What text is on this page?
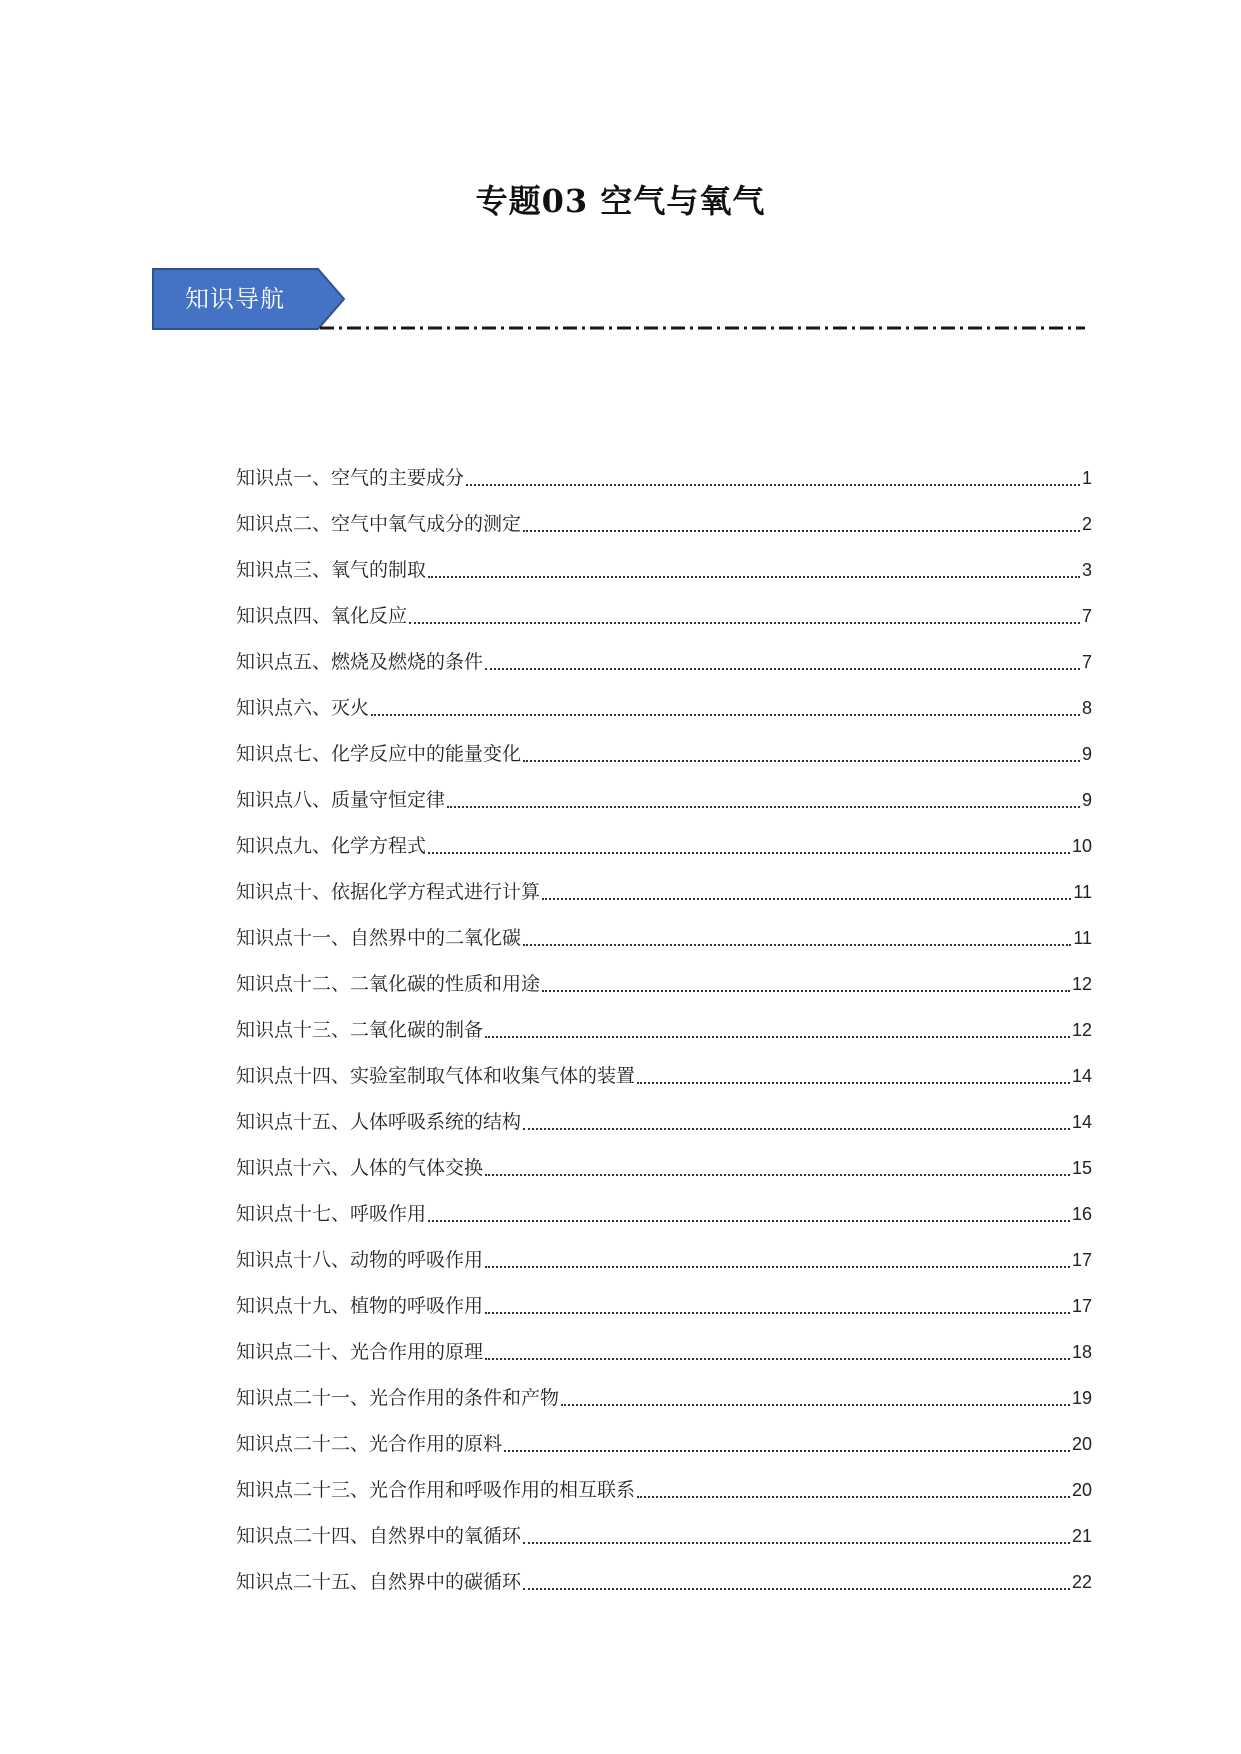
专题03 空气与氧气
知识导航
知识点一、空气的主要成分	1
知识点二、空气中氧气成分的测定	2
知识点三、氧气的制取	3
知识点四、氧化反应	7
知识点五、燃烧及燃烧的条件	7
知识点六、灭火	8
知识点七、化学反应中的能量变化	9
知识点八、质量守恒定律	9
知识点九、化学方程式	10
知识点十、依据化学方程式进行计算	11
知识点十一、自然界中的二氧化碳	11
知识点十二、二氧化碳的性质和用途	12
知识点十三、二氧化碳的制备	12
知识点十四、实验室制取气体和收集气体的装置	14
知识点十五、人体呼吸系统的结构	14
知识点十六、人体的气体交换	15
知识点十七、呼吸作用	16
知识点十八、动物的呼吸作用	17
知识点十九、植物的呼吸作用	17
知识点二十、光合作用的原理	18
知识点二十一、光合作用的条件和产物	19
知识点二十二、光合作用的原料	20
知识点二十三、光合作用和呼吸作用的相互联系	20
知识点二十四、自然界中的氧循环	21
知识点二十五、自然界中的碳循环	22
